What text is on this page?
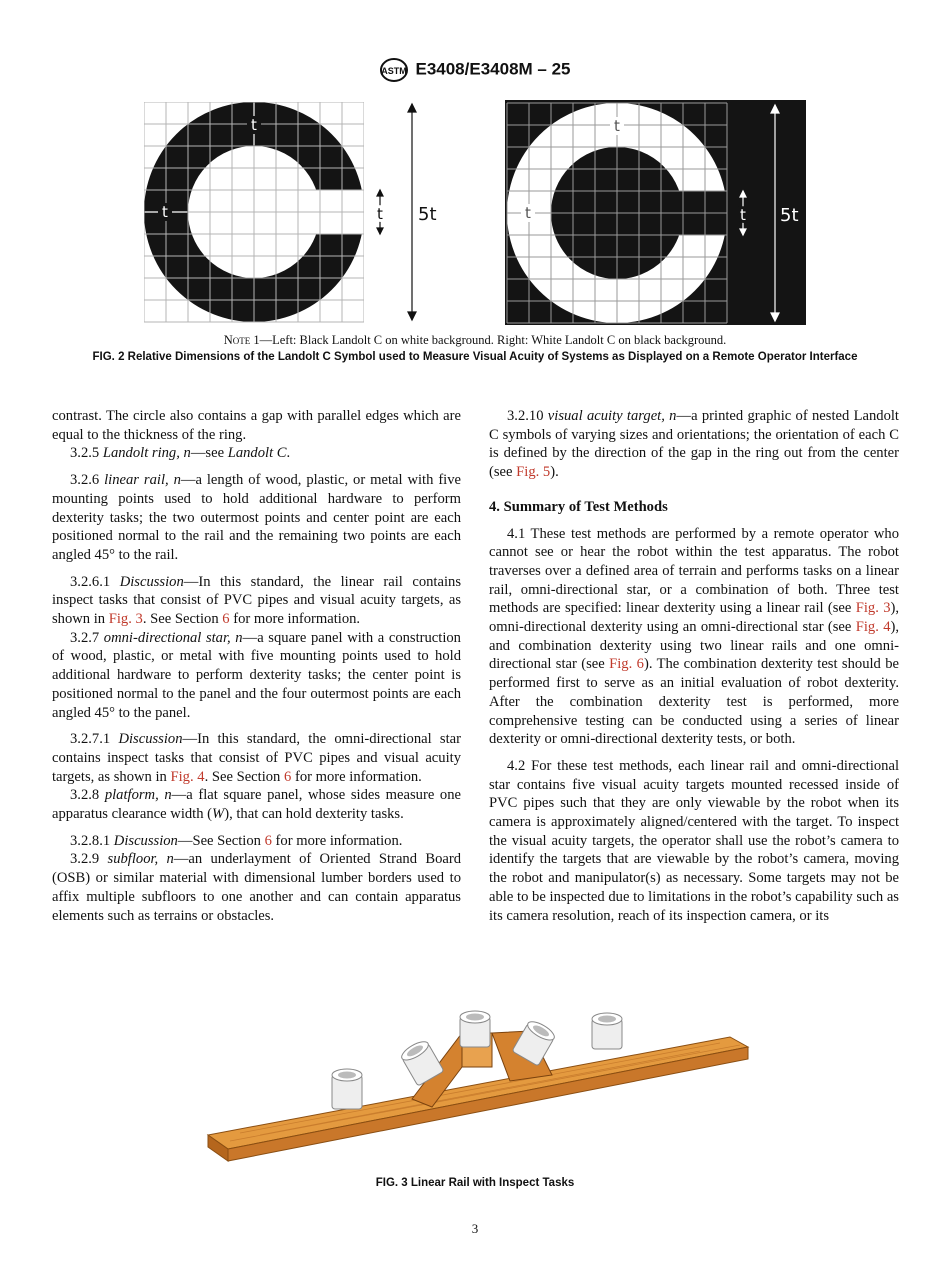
ASTM E3408/E3408M – 25
t
t	t 5t
t
t	t 5t
Note 1—Left: Black Landolt C on white background. Right: White Landolt C on black background.
FIG. 2 Relative Dimensions of the Landolt C Symbol used to Measure Visual Acuity of Systems as Displayed on a Remote Operator Interface

contrast. The circle also contains a gap with parallel edges which are equal to the thickness of the ring.

3.2.5 Landolt ring, n—see Landolt C.

3.2.6 linear rail, n—a length of wood, plastic, or metal with five mounting points used to hold additional hardware to perform dexterity tasks; the two outermost points and center point are each positioned normal to the rail and the remaining two points are each angled 45° to the rail.

3.2.6.1 Discussion—In this standard, the linear rail contains inspect tasks that consist of PVC pipes and visual acuity targets, as shown in Fig. 3. See Section 6 for more information.

3.2.7 omni-directional star, n—a square panel with a construction of wood, plastic, or metal with five mounting points used to hold additional hardware to perform dexterity tasks; the center point is positioned normal to the panel and the four outermost points are each angled 45° to the panel.

3.2.7.1 Discussion—In this standard, the omni-directional star contains inspect tasks that consist of PVC pipes and visual acuity targets, as shown in Fig. 4. See Section 6 for more information.

3.2.8 platform, n—a flat square panel, whose sides measure one apparatus clearance width (W), that can hold dexterity tasks.

3.2.8.1 Discussion—See Section 6 for more information.

3.2.9 subfloor, n—an underlayment of Oriented Strand Board (OSB) or similar material with dimensional lumber borders used to affix multiple subfloors to one another and can contain apparatus elements such as terrains or obstacles.

3.2.10 visual acuity target, n—a printed graphic of nested Landolt C symbols of varying sizes and orientations; the orientation of each C is defined by the direction of the gap in the ring out from the center (see Fig. 5).

4. Summary of Test Methods

4.1 These test methods are performed by a remote operator who cannot see or hear the robot within the test apparatus. The robot traverses over a defined area of terrain and performs tasks on a linear rail, omni-directional star, or a combination of both. Three test methods are specified: linear dexterity using a linear rail (see Fig. 3), omni-directional dexterity using an omni-directional star (see Fig. 4), and combination dexterity using two linear rails and one omni-directional star (see Fig. 6). The combination dexterity test should be performed first to serve as an initial evaluation of robot dexterity. After the combination dexterity test is performed, more comprehensive testing can be conducted using a series of linear dexterity or omni-directional dexterity tests, or both.

4.2 For these test methods, each linear rail and omni-directional star contains five visual acuity targets mounted recessed inside of PVC pipes such that they are only viewable by the robot when its camera is approximately aligned/centered with the target. To inspect the visual acuity targets, the operator shall use the robot’s camera to identify the targets that are viewable by the robot’s camera, moving the robot and manipulator(s) as necessary. Some targets may not be able to be inspected due to limitations in the robot’s capability such as its camera resolution, reach of its inspection camera, or its

FIG. 3 Linear Rail with Inspect Tasks
3
